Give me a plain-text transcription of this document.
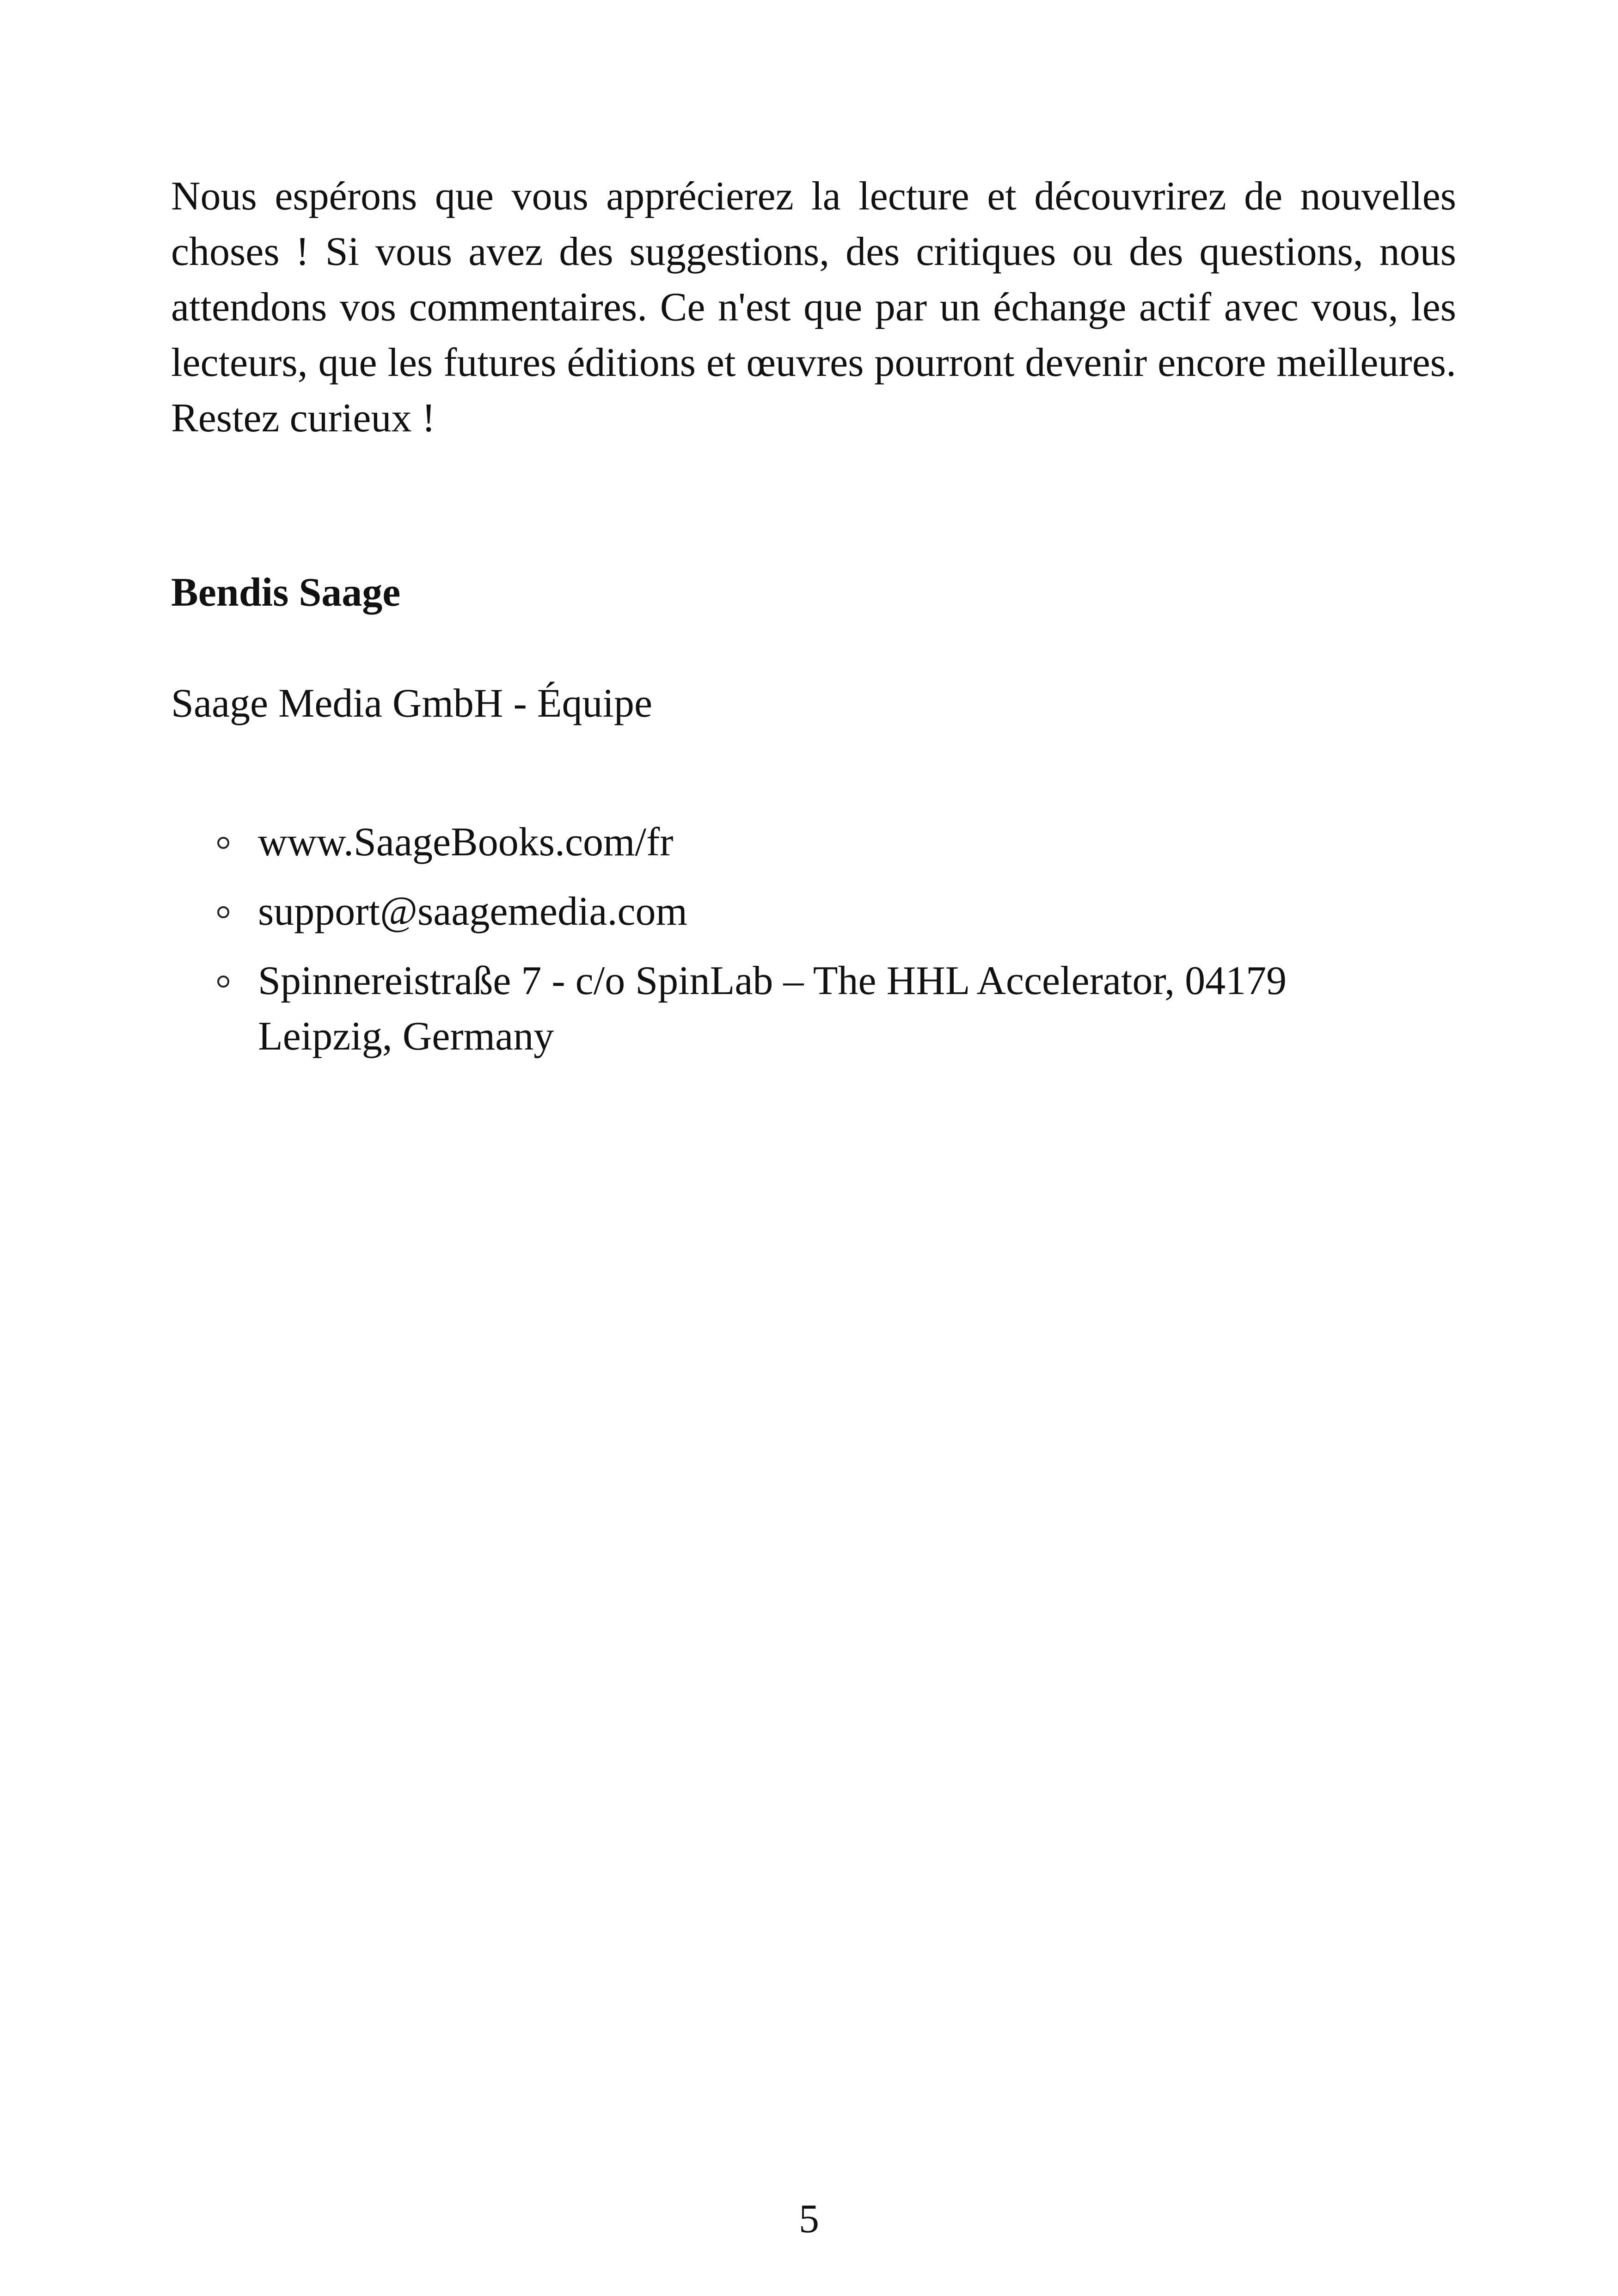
Nous espérons que vous apprécierez la lecture et découvrirez de nouvelles choses ! Si vous avez des suggestions, des critiques ou des questions, nous attendons vos commentaires. Ce n'est que par un échange actif avec vous, les lecteurs, que les futures éditions et œuvres pourront devenir encore meilleures. Restez curieux !

Bendis Saage

Saage Media GmbH - Équipe

www.SaageBooks.com/fr
support@saagemedia.com
Spinnereistraße 7 - c/o SpinLab – The HHL Accelerator, 04179 Leipzig, Germany

5
